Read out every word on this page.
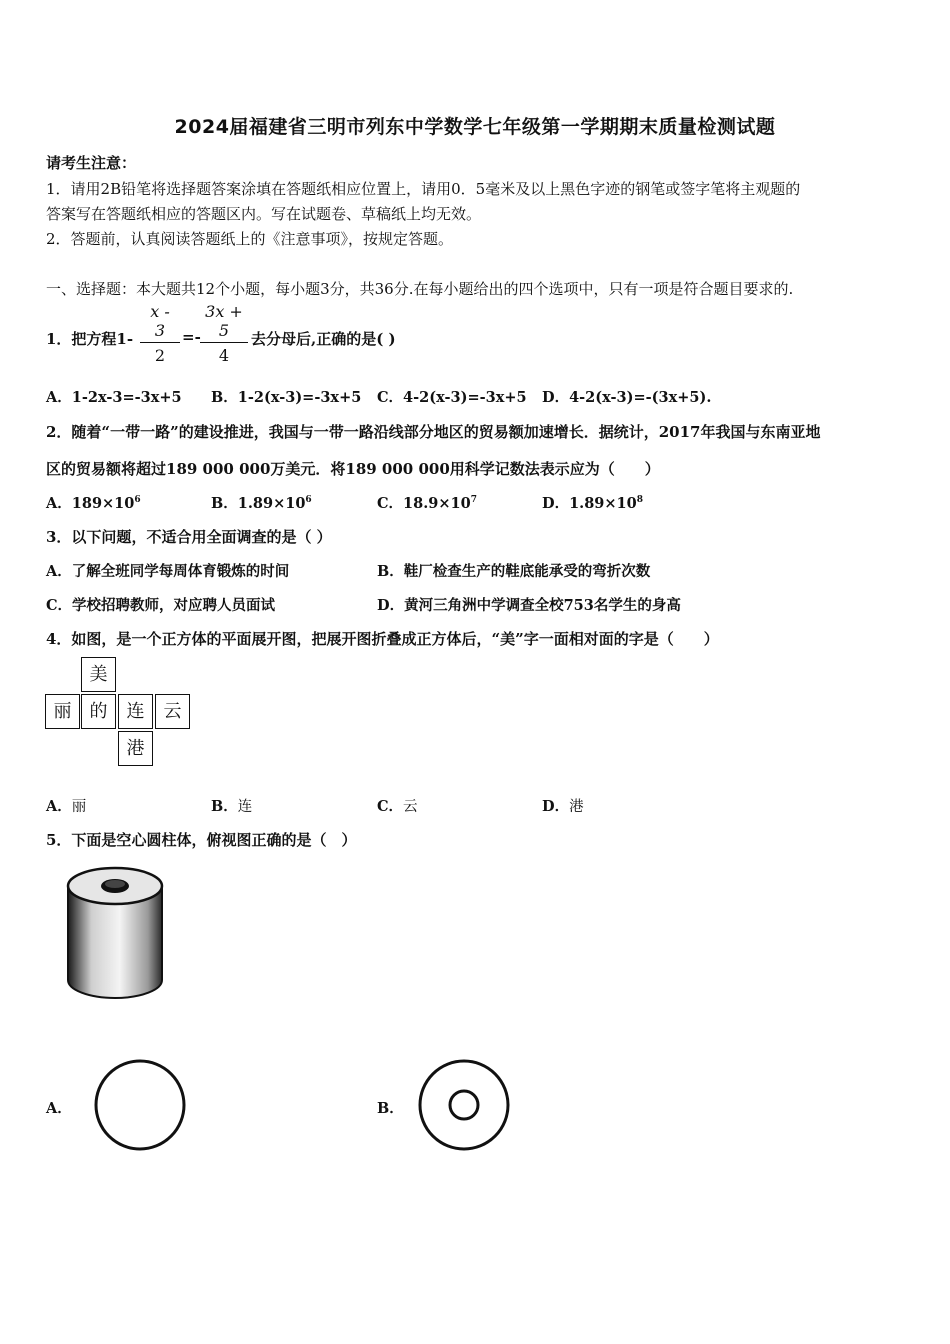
2024届福建省三明市列东中学数学七年级第一学期期末质量检测试题
请考生注意：
1．请用2B铅笔将选择题答案涂填在答题纸相应位置上，请用0．5毫米及以上黑色字迹的钢笔或签字笔将主观题的
答案写在答题纸相应的答题区内。写在试题卷、草稿纸上均无效。
2．答题前，认真阅读答题纸上的《注意事项》，按规定答题。
一、选择题：本大题共12个小题，每小题3分，共36分.在每小题给出的四个选项中，只有一项是符合题目要求的.
1．把方程$1- \frac{x - 3}{2} =- \frac{3x + 5}{4}$ 去分母后,正确的是( )
A．1-2x-3=-3x+5 B．1-2(x-3)=-3x+5 C．4-2(x-3)=-3x+5 D．4-2(x-3)=-(3x+5).
2．随着“一带一路”的建设推进，我国与一带一路沿线部分地区的贸易额加速增长．据统计，2017年我国与东南亚地
区的贸易额将超过189 000 000万美元．将189 000 000用科学记数法表示应为（　　）
A．$189\times 10^6$	B．$1.89\times 10^6$	C．$18.9\times 10^7$	D．$1.89\times 10^8$
3．以下问题，不适合用全面调查的是（ ）
A．了解全班同学每周体育锻炼的时间	B．鞋厂检查生产的鞋底能承受的弯折次数
C．学校招聘教师，对应聘人员面试	D．黄河三角洲中学调查全校753名学生的身高
4．如图，是一个正方体的平面展开图，把展开图折叠成正方体后，“美”字一面相对面的字是（　　）
美
丽	的	连	云
港
A．丽	B．连	C．云	D．港
5．下面是空心圆柱体，俯视图正确的是（　）
A．	B．
